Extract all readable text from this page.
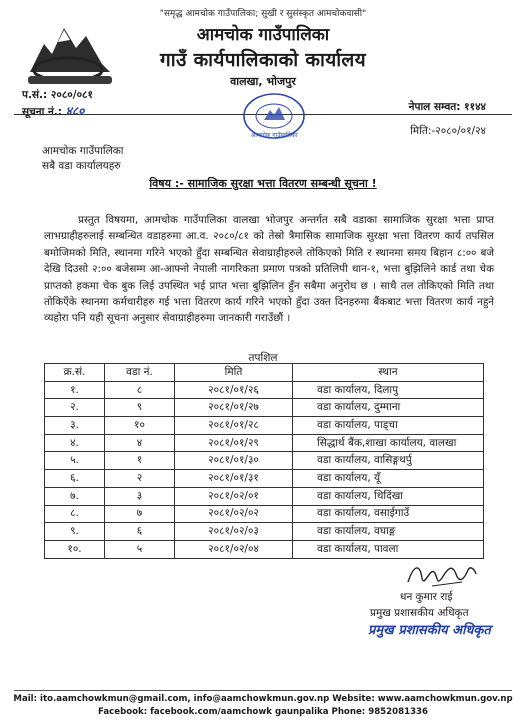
"समृद्ध आमचोक गाउँपालिका; सुखी र सुसंस्कृत आमचोकवासी"
आमचोक गाउँपालिका
गाउँ कार्यपालिकाको कार्यालय
वालखा, भोजपुर
प.सं.: २०८०/०८१
सूचना नं.: ४८०	नेपाल सम्वत: ११४४
आमचोक गाउँपालिका	मिति:-२०८०/०१/२४
आमचोक गाउँपालिका
सबै वडा कार्यालयहरु
विषय :- सामाजिक सुरक्षा भत्ता वितरण सम्बन्धी सूचना !
प्रस्तुत विषयमा, आमचोक गाउँपालिका वालखा भोजपुर अन्तर्गत सबै वडाका सामाजिक सुरक्षा भत्ता प्राप्त लाभग्राहीहरुलाई सम्बन्धित वडाहरुमा आ.व. २०८०/८१ को तेस्रो त्रैमासिक सामाजिक सुरक्षा भत्ता वितरण कार्य तपसिल बमोजिमको मिति, स्थानमा गरिने भएको हुँदा सम्बन्धित सेवाग्राहीहरुले तोकिएको मिति र स्थानमा समय बिहान ८:०० बजे देखि दिउसो २:०० बजेसम्म आ-आफ्नो नेपाली नागरिकता प्रमाण पत्रको प्रतिलिपी थान-१, भत्ता बुझिलिने कार्ड तथा चेक प्राप्तको हकमा चेक बुक लिई उपस्थित भई प्राप्त भत्ता बुझिलिन हुँन सबैमा अनुरोध छ । साथै तल तोकिएको मिति तथा तोकिएँके स्थानमा कर्मचारीहरु गई भत्ता वितरण कार्य गरिने भएको हुँदा उक्त दिनहरुमा बैंकबाट भत्ता वितरण कार्य नहुने व्यहोरा पनि यही सूचना अनुसार सेवाग्राहीहरुमा जानकारी गराउँछौं ।
तपशिल
क्र.सं.	वडा नं.	मिति	स्थान
१.	८	२०८१/०१/२६	वडा कार्यालय, दिलापु
२.	९	२०८१/०१/२७	वडा कार्यालय, दुम्माना
३.	१०	२०८१/०१/२८	वडा कार्यालय, पाड्चा
४.	४	२०८१/०१/२९	सिद्धार्थ बैंक,शाखा कार्यालय, वालखा
५.	१	२०८१/०१/३०	वडा कार्यालय, वासिङ्गथर्पु
६.	२	२०८१/०१/३१	वडा कार्यालय, यूँ
७.	३	२०८१/०२/०१	वडा कार्यालय, थिदिंखा
८.	७	२०८१/०२/०२	वडा कार्यालय, वसाईगाउँ
९.	६	२०८१/०२/०३	वडा कार्यालय, वघाङ्ग
१०.	५	२०८१/०२/०४	वडा कार्यालय, पावला
धन कुमार राई
प्रमुख प्रशासकीय अधिकृत
प्रमुख प्रशासकीय अधिकृत
Mail: ito.aamchowkmun@gmail.com, info@aamchowkmun.gov.np Website: www.aamchowkmun.gov.np
Facebook: facebook.com/aamchowk gaunpalika Phone: 9852081336
